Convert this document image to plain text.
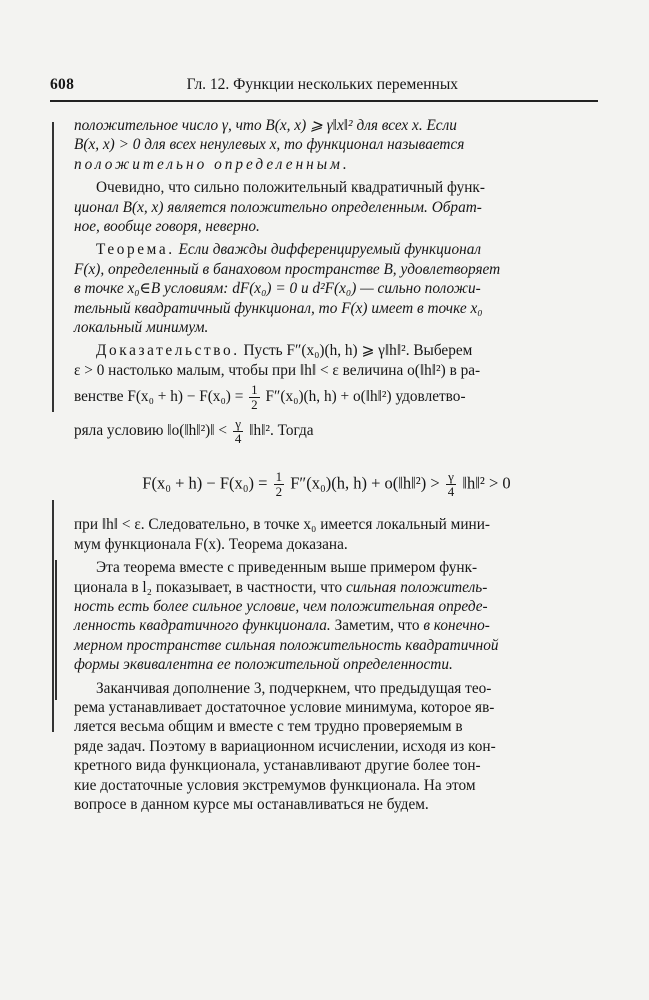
608	Гл. 12. Функции нескольких переменных

положительное число γ, что B(x, x) ⩾ γ‖x‖² для всех x. Если
B(x, x) > 0 для всех ненулевых x, то функционал называется
положительно определенным.

Очевидно, что сильно положительный квадратичный функ-
ционал B(x, x) является положительно определенным. Обрат-
ное, вообще говоря, неверно.

Теорема. Если дважды дифференцируемый функционал
F(x), определенный в банаховом пространстве B, удовлетворяет
в точке x₀∈B условиям: dF(x₀) = 0 и d²F(x₀) — сильно положи-
тельный квадратичный функционал, то F(x) имеет в точке x₀
локальный минимум.

Доказательство. Пусть F″(x₀)(h, h) ⩾ γ‖h‖². Выберем
ε > 0 настолько малым, чтобы при ‖h‖ < ε величина o(‖h‖²) в ра-
венстве $F(x_0 + h) - F(x_0) = \frac{1}{2} F''(x_0)(h$, h) + o(‖h‖²) удовлетво-
ряла условию ‖o(‖h‖²)‖ < $\frac{\gamma}{4}$ ‖h‖². Тогда

$F(x_0 + h) - F(x_0) = \frac{1}{2} F''(x_0)(h$, h) + o(‖h‖²) > $\frac{\gamma}{4}$ ‖h‖² > 0

при ‖h‖ < ε. Следовательно, в точке x₀ имеется локальный мини-
мум функционала F(x). Теорема доказана.

Эта теорема вместе с приведенным выше примером функ-
ционала в l₂ показывает, в частности, что сильная положитель-
ность есть более сильное условие, чем положительная опреде-
ленность квадратичного функционала. Заметим, что в конечно-
мерном пространстве сильная положительность квадратичной
формы эквивалентна ее положительной определенности.

Заканчивая дополнение 3, подчеркнем, что предыдущая тео-
рема устанавливает достаточное условие минимума, которое яв-
ляется весьма общим и вместе с тем трудно проверяемым в
ряде задач. Поэтому в вариационном исчислении, исходя из кон-
кретного вида функционала, устанавливают другие более тон-
кие достаточные условия экстремумов функционала. На этом
вопросе в данном курсе мы останавливаться не будем.
